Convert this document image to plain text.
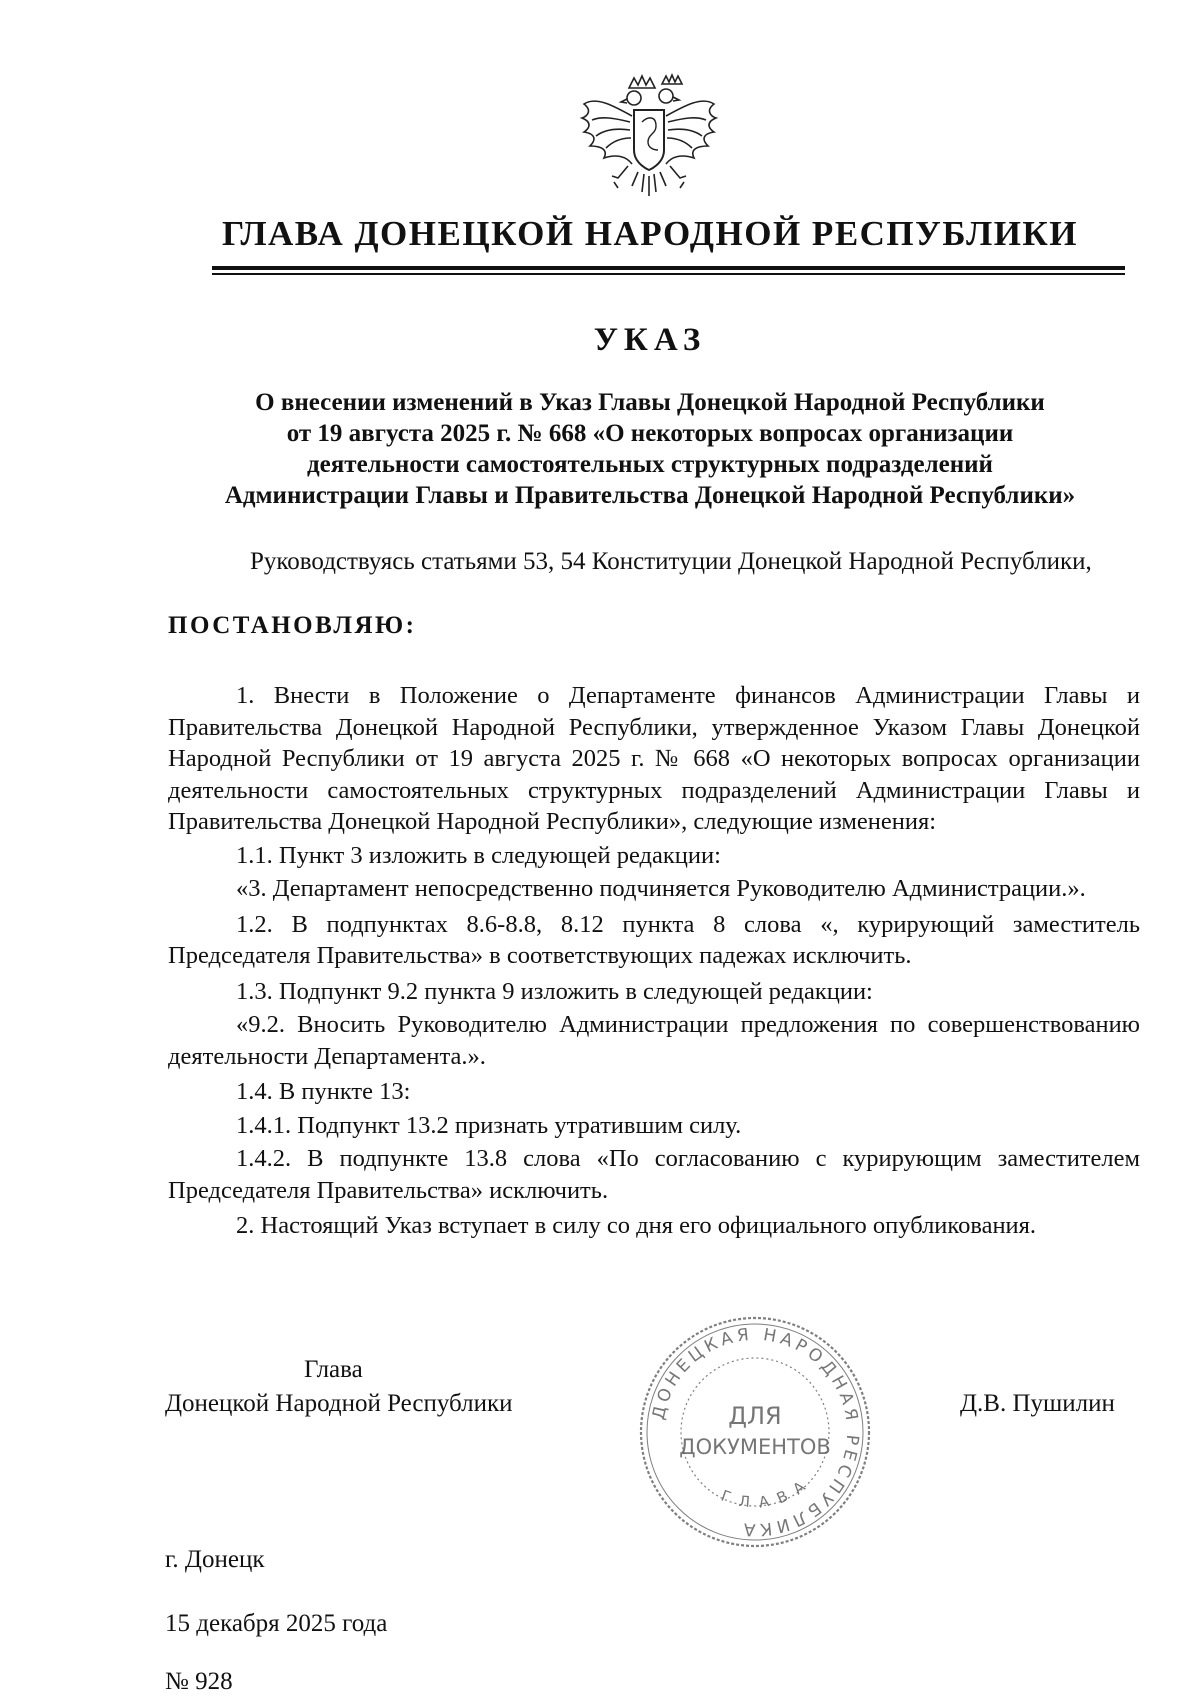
ГЛАВА ДОНЕЦКОЙ НАРОДНОЙ РЕСПУБЛИКИ
УКАЗ
О внесении изменений в Указ Главы Донецкой Народной Республики
от 19 августа 2025 г. № 668 «О некоторых вопросах организации
деятельности самостоятельных структурных подразделений
Администрации Главы и Правительства Донецкой Народной Республики»
Руководствуясь статьями 53, 54 Конституции Донецкой Народной Республики,
ПОСТАНОВЛЯЮ:

1. Внести в Положение о Департаменте финансов Администрации Главы и Правительства Донецкой Народной Республики, утвержденное Указом Главы Донецкой Народной Республики от 19 августа 2025 г. № 668 «О некоторых вопросах организации деятельности самостоятельных структурных подразделений Администрации Главы и Правительства Донецкой Народной Республики», следующие изменения:

1.1. Пункт 3 изложить в следующей редакции:

«3. Департамент непосредственно подчиняется Руководителю Администрации.».

1.2. В подпунктах 8.6-8.8, 8.12 пункта 8 слова «, курирующий заместитель Председателя Правительства» в соответствующих падежах исключить.

1.3. Подпункт 9.2 пункта 9 изложить в следующей редакции:

«9.2. Вносить Руководителю Администрации предложения по совершенствованию деятельности Департамента.».

1.4. В пункте 13:

1.4.1. Подпункт 13.2 признать утратившим силу.

1.4.2. В подпункте 13.8 слова «По согласованию с курирующим заместителем Председателя Правительства» исключить.

2. Настоящий Указ вступает в силу со дня его официального опубликования.

Глава
Донецкой Народной Республики	Д.В. Пушилин
ДОНЕЦКАЯ НАРОДНАЯ РЕСПУБЛИКА
ГЛАВА
ДЛЯ
ДОКУМЕНТОВ
г. Донецк
15 декабря 2025 года
№ 928
